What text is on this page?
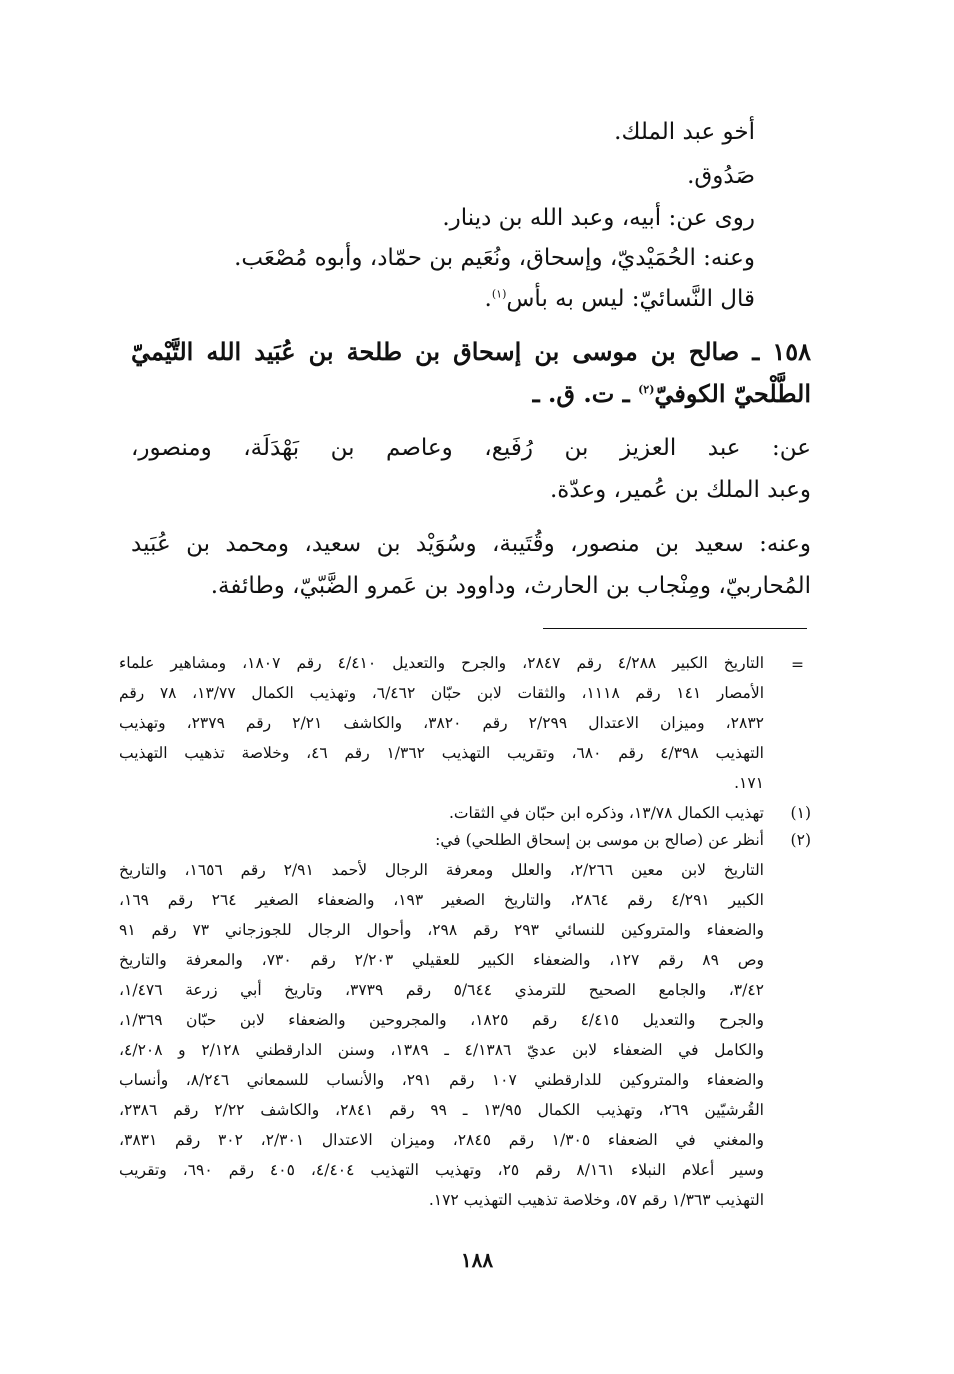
أخو عبد الملك.
صَدُوق.
روى عن: أبيه، وعبد الله بن دينار.
وعنه: الحُمَيْديّ، وإسحاق، ونُعَيم بن حمّاد، وأبوه مُصْعَب.
قال النَّسائيّ: ليس به بأس$^{(١)}$.
١٥٨ ـ صالح بن موسى بن إسحاق بن طلحة بن عُبَيد الله التَّيْميّ
الطَّلْحيّ الكوفيّ$^{(٢)}$ ـ ت. ق. ـ
عن: عبد العزيز بن رُفَيع، وعاصم بن بَهْدَلَة، ومنصور،
وعبد الملك بن عُمير، وعدّة.
وعنه: سعيد بن منصور، وقُتَيبة، وسُوَيْد بن سعيد، ومحمد بن عُبَيد
المُحاربيّ، ومِنْجاب بن الحارث، وداوود بن عَمرو الضَّبّيّ، وطائفة.
=
التاريخ الكبير ٤/٢٨٨ رقم ٢٨٤٧، والجرح والتعديل ٤/٤١٠ رقم ١٨٠٧، ومشاهير علماء
الأمصار ١٤١ رقم ١١١٨، والثقات لابن حبّان ٦/٤٦٢، وتهذيب الكمال ١٣/٧٧، ٧٨ رقم
٢٨٣٢، وميزان الاعتدال ٢/٢٩٩ رقم ٣٨٢٠، والكاشف ٢/٢١ رقم ٢٣٧٩، وتهذيب
التهذيب ٤/٣٩٨ رقم ٦٨٠، وتقريب التهذيب ١/٣٦٢ رقم ٤٦، وخلاصة تذهيب التهذيب
١٧١.
(١)
تهذيب الكمال ١٣/٧٨، وذكره ابن حبّان في الثقات.
(٢)
أنظر عن (صالح بن موسى بن إسحاق الطلحي) في:
التاريخ لابن معين ٢/٢٦٦، والعلل ومعرفة الرجال لأحمد ٢/٩١ رقم ١٦٥٦، والتاريخ
الكبير ٤/٢٩١ رقم ٢٨٦٤، والتاريخ الصغير ١٩٣، والضعفاء الصغير ٢٦٤ رقم ١٦٩،
والضعفاء والمتروكين للنسائي ٢٩٣ رقم ٢٩٨، وأحوال الرجال للجوزجاني ٧٣ رقم ٩١
وص ٨٩ رقم ١٢٧، والضعفاء الكبير للعقيلي ٢/٢٠٣ رقم ٧٣٠، والمعرفة والتاريخ
٣/٤٢، والجامع الصحيح للترمذي ٥/٦٤٤ رقم ٣٧٣٩، وتاريخ أبي زرعة ١/٤٧٦،
والجرح والتعديل ٤/٤١٥ رقم ١٨٢٥، والمجروحين والضعفاء لابن حبّان ١/٣٦٩،
والكامل في الضعفاء لابن عديّ ٤/١٣٨٦ ـ ١٣٨٩، وسنن الدارقطني ٢/١٢٨ و ٤/٢٠٨،
والضعفاء والمتروكين للدارقطني ١٠٧ رقم ٢٩١، والأنساب للسمعاني ٨/٢٤٦، وأنساب
القُرشيّين ٢٦٩، وتهذيب الكمال ١٣/٩٥ ـ ٩٩ رقم ٢٨٤١، والكاشف ٢/٢٢ رقم ٢٣٨٦،
والمغني في الضعفاء ١/٣٠٥ رقم ٢٨٤٥، وميزان الاعتدال ٢/٣٠١، ٣٠٢ رقم ٣٨٣١،
وسير أعلام النبلاء ٨/١٦١ رقم ٢٥، وتهذيب التهذيب ٤/٤٠٤، ٤٠٥ رقم ٦٩٠، وتقريب
التهذيب ١/٣٦٣ رقم ٥٧، وخلاصة تذهيب التهذيب ١٧٢.
١٨٨
